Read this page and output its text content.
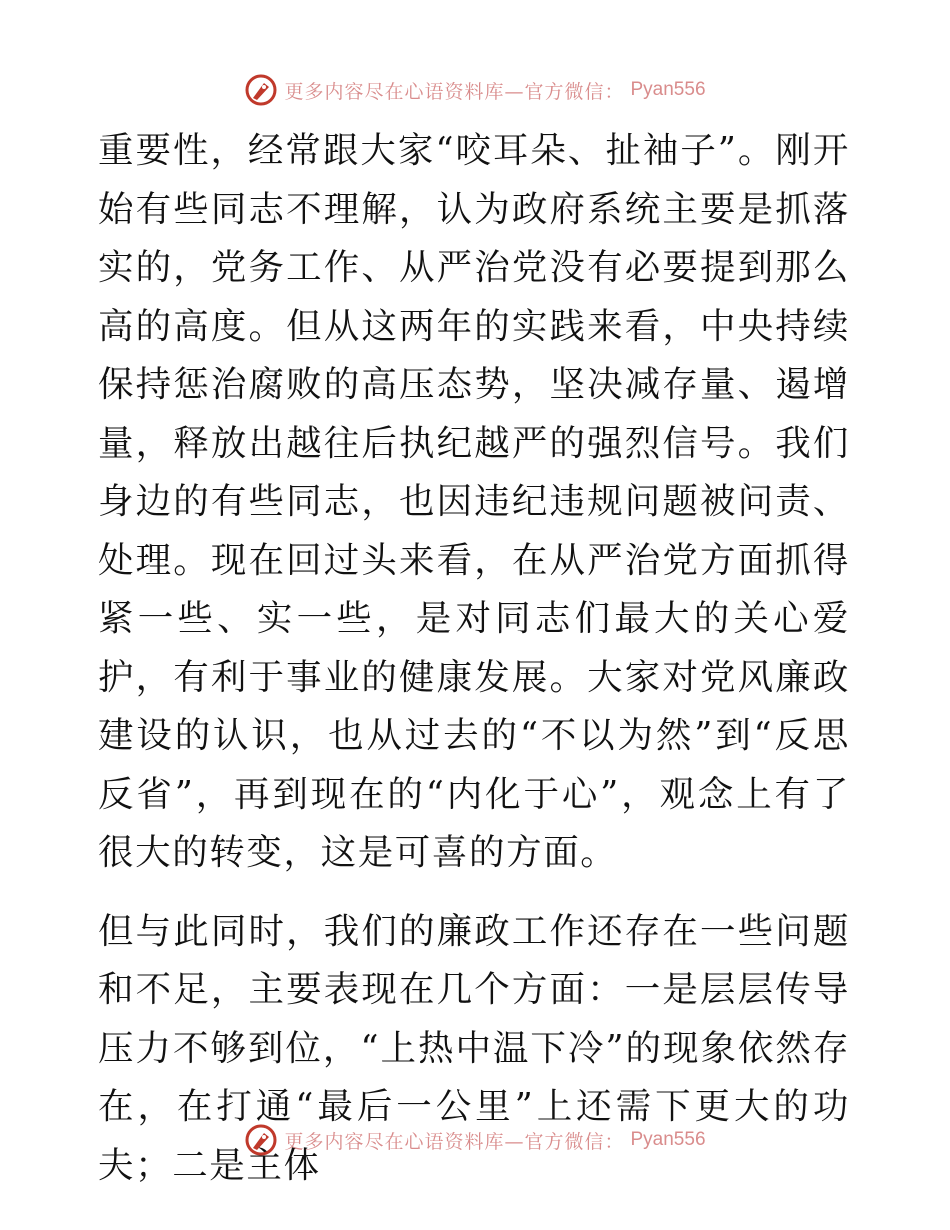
更多内容尽在心语资料库—官方微信： Pyan556

重要性，经常跟大家“咬耳朵、扯袖子”。刚开始有些同志不理解，认为政府系统主要是抓落实的，党务工作、从严治党没有必要提到那么高的高度。但从这两年的实践来看，中央持续保持惩治腐败的高压态势，坚决减存量、遏增量，释放出越往后执纪越严的强烈信号。我们身边的有些同志，也因违纪违规问题被问责、处理。现在回过头来看，在从严治党方面抓得紧一些、实一些，是对同志们最大的关心爱护，有利于事业的健康发展。大家对党风廉政建设的认识，也从过去的“不以为然”到“反思反省”，再到现在的“内化于心”，观念上有了很大的转变，这是可喜的方面。

但与此同时，我们的廉政工作还存在一些问题和不足，主要表现在几个方面：一是层层传导压力不够到位，“上热中温下冷”的现象依然存在，在打通“最后一公里”上还需下更大的功夫；二是主体

更多内容尽在心语资料库—官方微信： Pyan556
